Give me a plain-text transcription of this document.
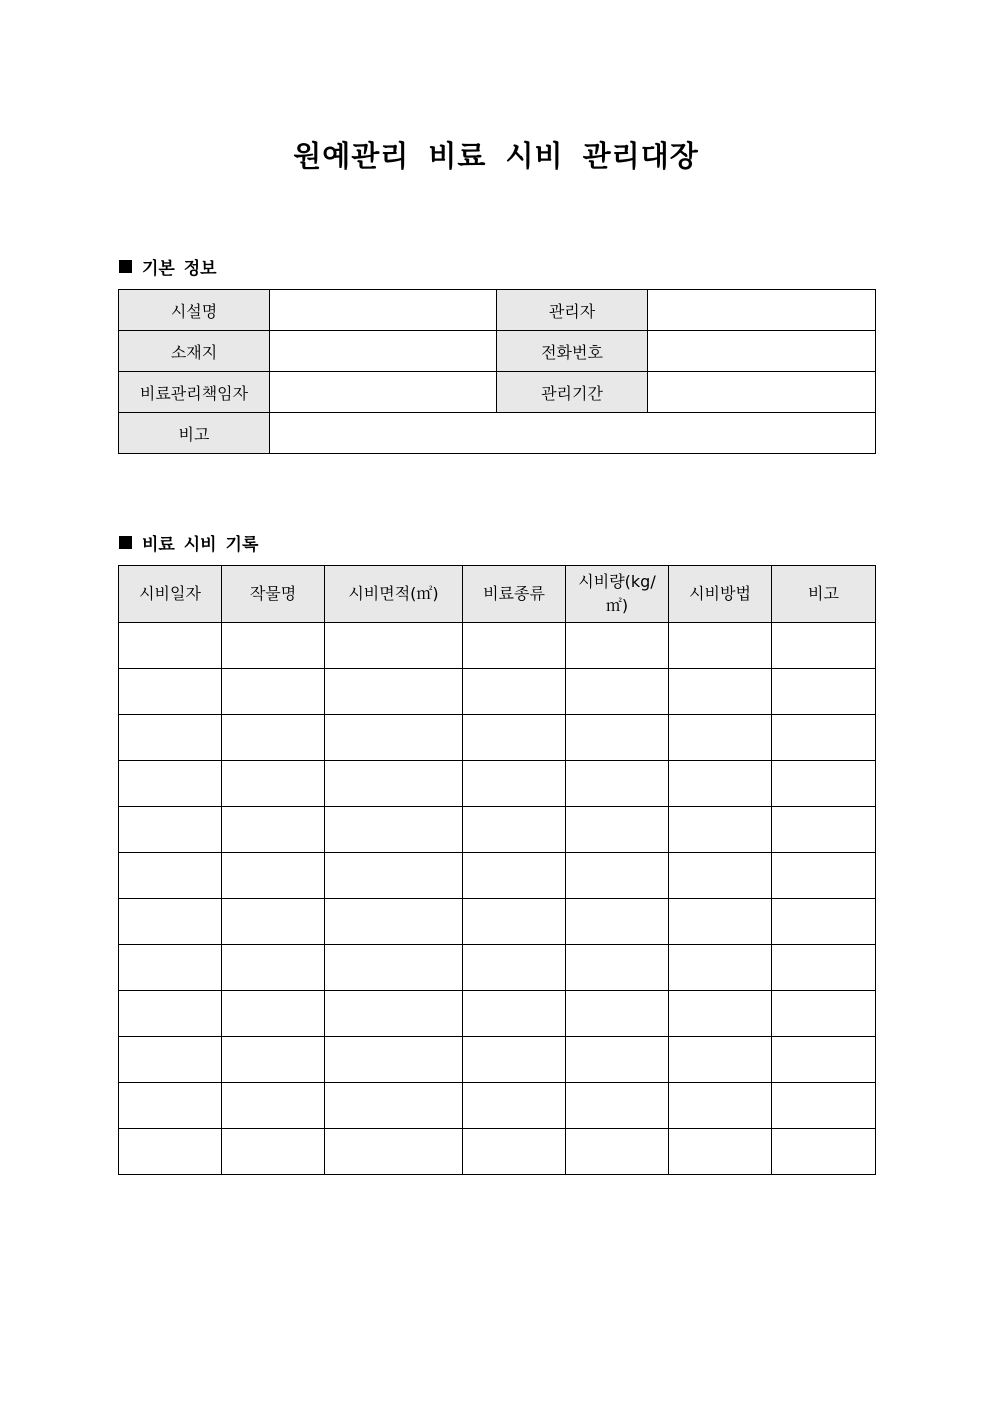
원예관리 비료 시비 관리대장
기본 정보
시설명		관리자	
소재지		전화번호	
비료관리책임자		관리기간	
비고			
비료 시비 기록
시비일자	작물명	시비면적(㎡)	비료종류	시비량(kg/㎡)	시비방법	비고
